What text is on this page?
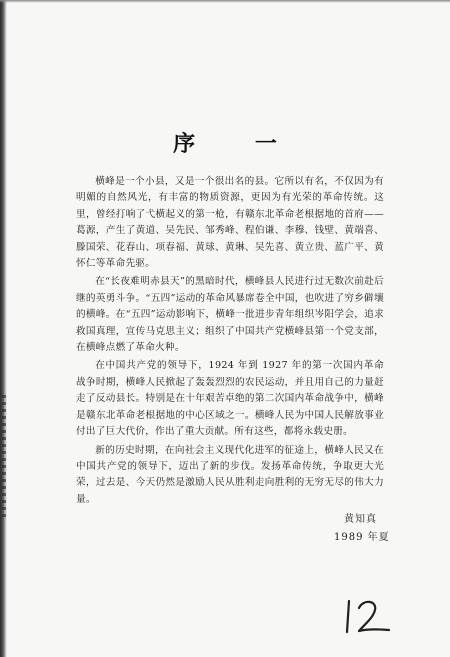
序 一

横峰是一个小县，又是一个很出名的县。它所以有名，不仅因为有明媚的自然风光，有丰富的物质资源，更因为有光荣的革命传统。这里，曾经打响了弋横起义的第一枪，有赣东北革命老根据地的首府——葛源，产生了黄道、吴先民、邹秀峰、程伯谦、李穆、钱壁、黄端喜、滕国荣、花春山、项春福、黄球、黄琳、吴先喜、黄立贵、蓝广平、黄怀仁等革命先驱。

在“长夜难明赤县天”的黑暗时代，横峰县人民进行过无数次前赴后继的英勇斗争。“五四”运动的革命风暴席卷全中国，也吹进了穷乡僻壤的横峰。在“五四”运动影响下，横峰一批进步青年组织岑阳学会，追求救国真理，宣传马克思主义；组织了中国共产党横峰县第一个党支部，在横峰点燃了革命火种。

在中国共产党的领导下，1924 年到 1927 年的第一次国内革命战争时期，横峰人民掀起了轰轰烈烈的农民运动，并且用自己的力量赶走了反动县长。特别是在十年艰苦卓绝的第二次国内革命战争中，横峰是赣东北革命老根据地的中心区域之一。横峰人民为中国人民解放事业付出了巨大代价，作出了重大贡献。所有这些，都将永载史册。

新的历史时期，在向社会主义现代化进军的征途上，横峰人民又在中国共产党的领导下，迈出了新的步伐。发扬革命传统，争取更大光荣，过去是、今天仍然是激励人民从胜利走向胜利的无穷无尽的伟大力量。

黄知真
1989 年夏
